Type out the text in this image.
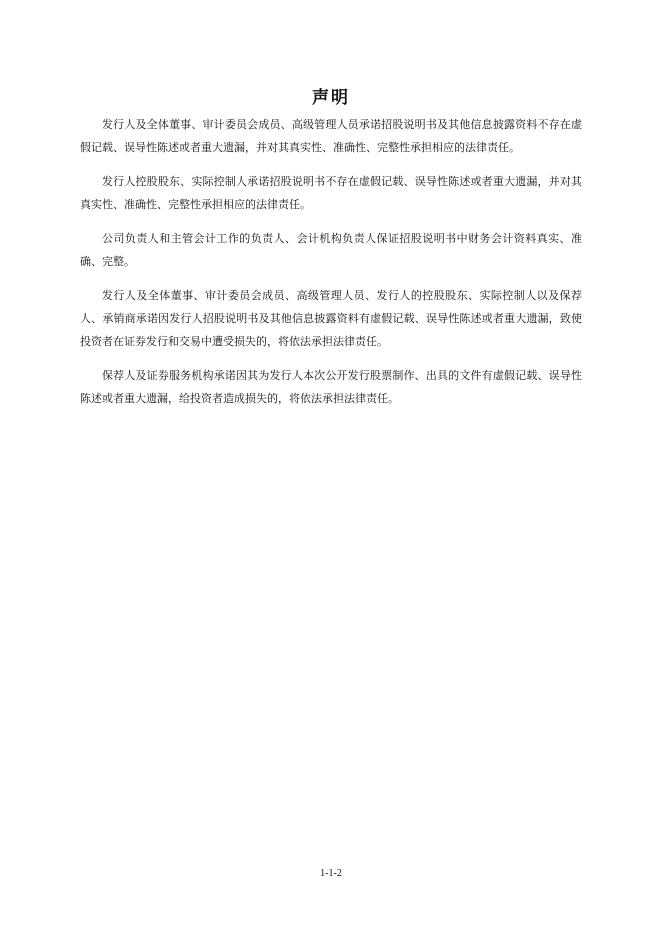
声明

发行人及全体董事、审计委员会成员、高级管理人员承诺招股说明书及其他信息披露资料不存在虚假记载、误导性陈述或者重大遗漏，并对其真实性、准确性、完整性承担相应的法律责任。

发行人控股股东、实际控制人承诺招股说明书不存在虚假记载、误导性陈述或者重大遗漏，并对其真实性、准确性、完整性承担相应的法律责任。

公司负责人和主管会计工作的负责人、会计机构负责人保证招股说明书中财务会计资料真实、准确、完整。

发行人及全体董事、审计委员会成员、高级管理人员、发行人的控股股东、实际控制人以及保荐人、承销商承诺因发行人招股说明书及其他信息披露资料有虚假记载、误导性陈述或者重大遗漏，致使投资者在证券发行和交易中遭受损失的，将依法承担法律责任。

保荐人及证券服务机构承诺因其为发行人本次公开发行股票制作、出具的文件有虚假记载、误导性陈述或者重大遗漏，给投资者造成损失的，将依法承担法律责任。

1-1-2
